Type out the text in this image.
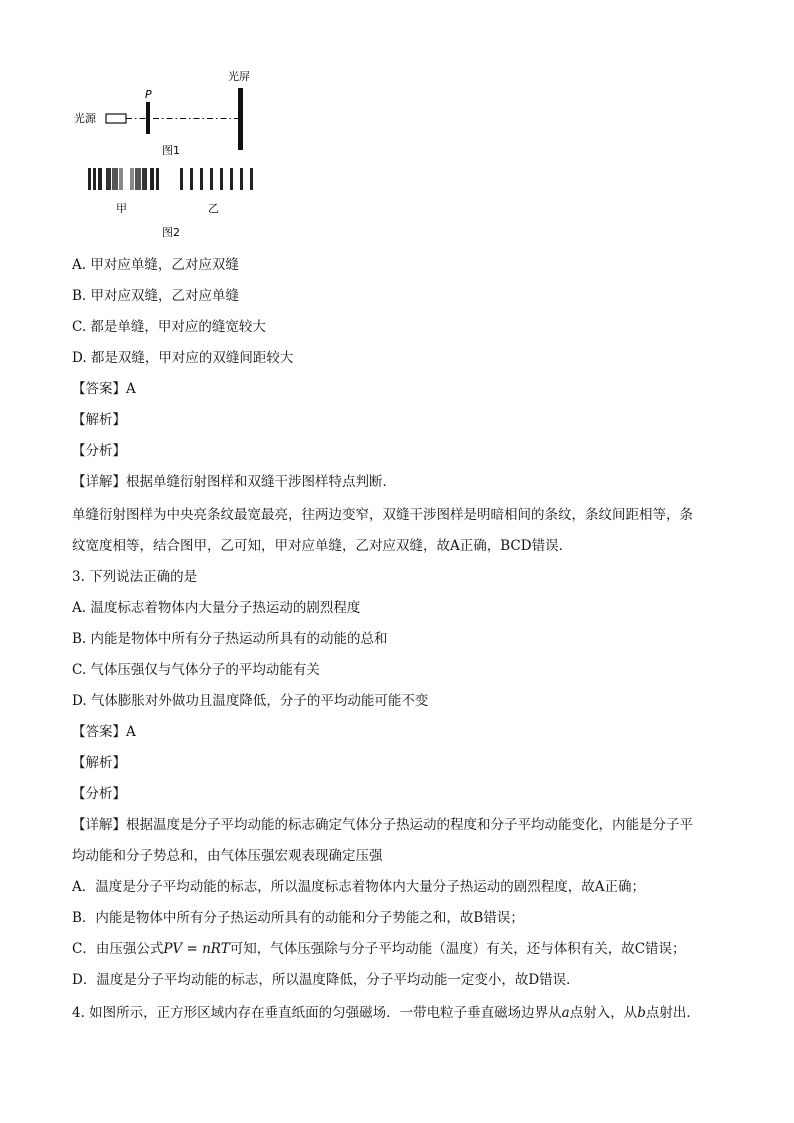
光源
P
光屏
图1
甲	乙
图2
A. 甲对应单缝，乙对应双缝
B. 甲对应双缝，乙对应单缝
C. 都是单缝，甲对应的缝宽较大
D. 都是双缝，甲对应的双缝间距较大
【答案】A
【解析】
【分析】
【详解】根据单缝衍射图样和双缝干涉图样特点判断．
单缝衍射图样为中央亮条纹最宽最亮，往两边变窄，双缝干涉图样是明暗相间的条纹，条纹间距相等，条
纹宽度相等，结合图甲，乙可知，甲对应单缝，乙对应双缝，故A正确，BCD错误．
3. 下列说法正确的是
A. 温度标志着物体内大量分子热运动的剧烈程度
B. 内能是物体中所有分子热运动所具有的动能的总和
C. 气体压强仅与气体分子的平均动能有关
D. 气体膨胀对外做功且温度降低，分子的平均动能可能不变
【答案】A
【解析】
【分析】
【详解】根据温度是分子平均动能的标志确定气体分子热运动的程度和分子平均动能变化，内能是分子平
均动能和分子势总和，由气体压强宏观表现确定压强
A．温度是分子平均动能的标志，所以温度标志着物体内大量分子热运动的剧烈程度，故A正确；
B．内能是物体中所有分子热运动所具有的动能和分子势能之和，故B错误；
C．由压强公式PV = nRT可知，气体压强除与分子平均动能（温度）有关，还与体积有关，故C错误；
D．温度是分子平均动能的标志，所以温度降低，分子平均动能一定变小，故D错误．
4. 如图所示，正方形区域内存在垂直纸面的匀强磁场．一带电粒子垂直磁场边界从a点射入，从b点射出．
